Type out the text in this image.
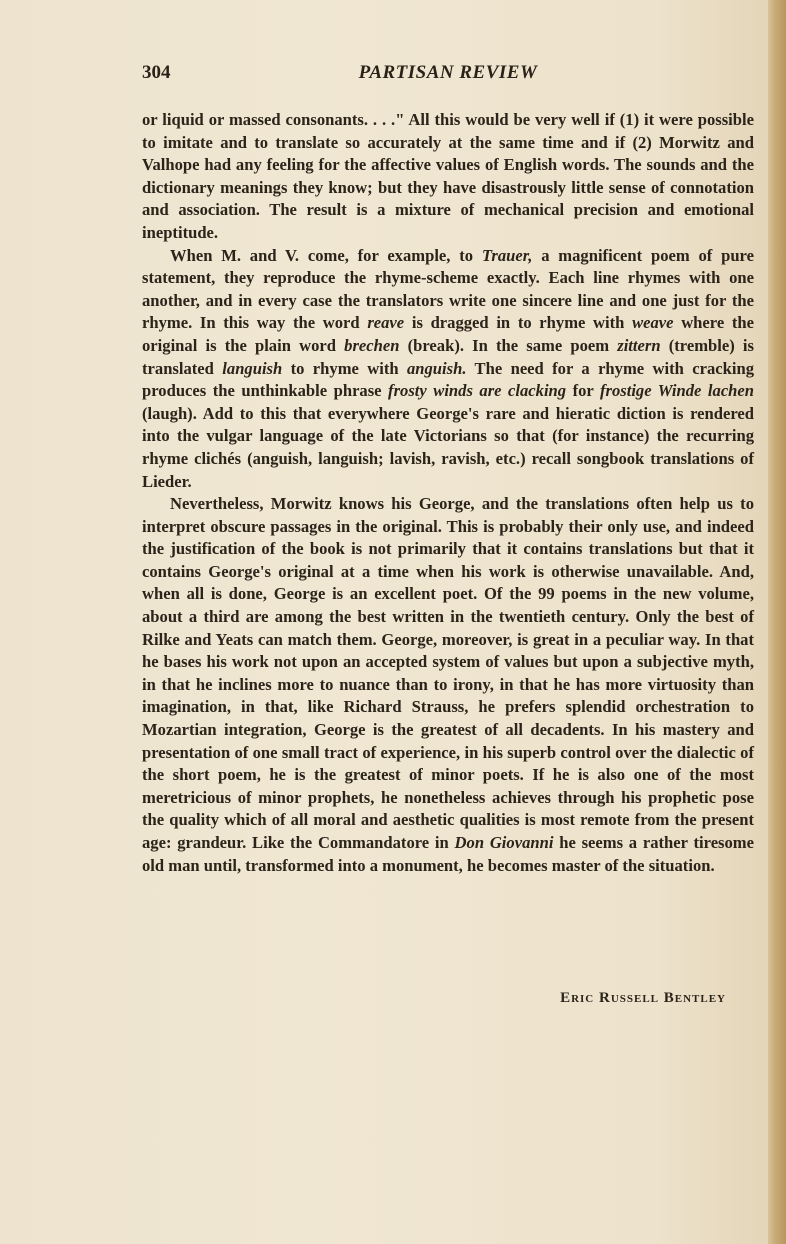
304	PARTISAN REVIEW

or liquid or massed consonants. . . ." All this would be very well if (1) it were possible to imitate and to translate so accurately at the same time and if (2) Morwitz and Valhope had any feeling for the affective values of English words. The sounds and the dictionary meanings they know; but they have disastrously little sense of connotation and association. The result is a mixture of mechanical precision and emotional ineptitude.

When M. and V. come, for example, to Trauer, a magnificent poem of pure statement, they reproduce the rhyme-scheme exactly. Each line rhymes with one another, and in every case the translators write one sincere line and one just for the rhyme. In this way the word reave is dragged in to rhyme with weave where the original is the plain word brechen (break). In the same poem zittern (tremble) is translated languish to rhyme with anguish. The need for a rhyme with cracking produces the unthinkable phrase frosty winds are clacking for frostige Winde lachen (laugh). Add to this that everywhere George's rare and hieratic diction is rendered into the vulgar language of the late Victorians so that (for instance) the recurring rhyme clichés (anguish, languish; lavish, ravish, etc.) recall songbook translations of Lieder.

Nevertheless, Morwitz knows his George, and the translations often help us to interpret obscure passages in the original. This is probably their only use, and indeed the justification of the book is not primarily that it contains translations but that it contains George's original at a time when his work is otherwise unavailable. And, when all is done, George is an excellent poet. Of the 99 poems in the new volume, about a third are among the best written in the twentieth century. Only the best of Rilke and Yeats can match them. George, moreover, is great in a peculiar way. In that he bases his work not upon an accepted system of values but upon a subjective myth, in that he inclines more to nuance than to irony, in that he has more virtuosity than imagination, in that, like Richard Strauss, he prefers splendid orchestration to Mozartian integration, George is the greatest of all decadents. In his mastery and presentation of one small tract of experience, in his superb control over the dialectic of the short poem, he is the greatest of minor poets. If he is also one of the most meretricious of minor prophets, he nonetheless achieves through his prophetic pose the quality which of all moral and aesthetic qualities is most remote from the present age: grandeur. Like the Commandatore in Don Giovanni he seems a rather tiresome old man until, transformed into a monument, he becomes master of the situation.

Eric Russell Bentley
